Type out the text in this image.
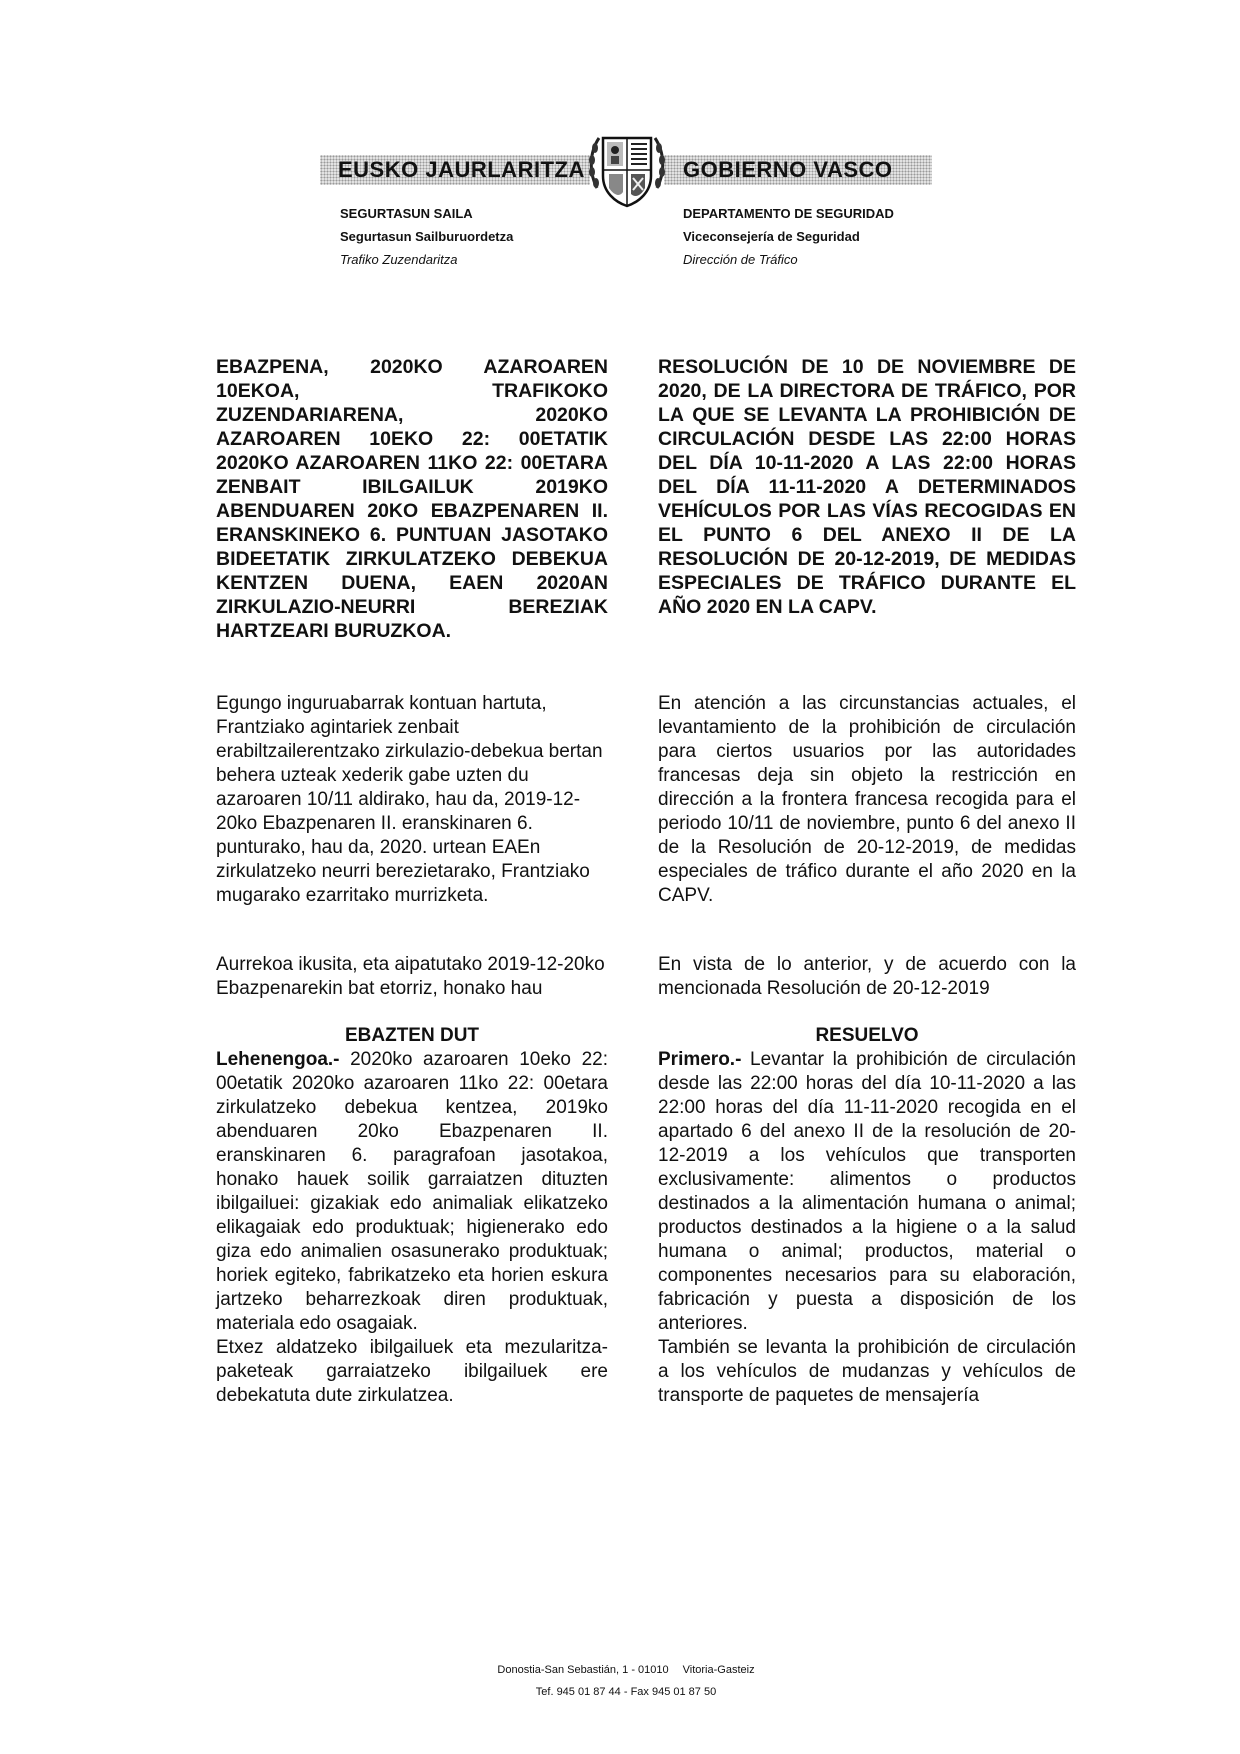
EUSKO JAURLARITZA	GOBIERNO VASCO
SEGURTASUN SAILA
Segurtasun Sailburuordetza
Trafiko Zuzendaritza
DEPARTAMENTO DE SEGURIDAD
Viceconsejería de Seguridad
Dirección de Tráfico

EBAZPENA, 2020KO AZAROAREN 10EKOA, TRAFIKOKO ZUZENDARIARENA, 2020KO AZAROAREN 10EKO 22: 00ETATIK 2020KO AZAROAREN 11KO 22: 00ETARA ZENBAIT IBILGAILUK 2019KO ABENDUAREN 20KO EBAZPENAREN II. ERANSKINEKO 6. PUNTUAN JASOTAKO BIDEETATIK ZIRKULATZEKO DEBEKUA KENTZEN DUENA, EAEN 2020AN ZIRKULAZIO-NEURRI BEREZIAK HARTZEARI BURUZKOA.

RESOLUCIÓN DE 10 DE NOVIEMBRE DE 2020, DE LA DIRECTORA DE TRÁFICO, POR LA QUE SE LEVANTA LA PROHIBICIÓN DE CIRCULACIÓN DESDE LAS 22:00 HORAS DEL DÍA 10-11-2020 A LAS 22:00 HORAS DEL DÍA 11-11-2020 A DETERMINADOS VEHÍCULOS POR LAS VÍAS RECOGIDAS EN EL PUNTO 6 DEL ANEXO II DE LA RESOLUCIÓN DE 20-12-2019, DE MEDIDAS ESPECIALES DE TRÁFICO DURANTE EL AÑO 2020 EN LA CAPV.

Egungo inguruabarrak kontuan hartuta, Frantziako agintariek zenbait erabiltzailerentzako zirkulazio-debekua bertan behera uzteak xederik gabe uzten du azaroaren 10/11 aldirako, hau da, 2019-12-20ko Ebazpenaren II. eranskinaren 6. punturako, hau da, 2020. urtean EAEn zirkulatzeko neurri berezietarako, Frantziako mugarako ezarritako murrizketa.

En atención a las circunstancias actuales, el levantamiento de la prohibición de circulación para ciertos usuarios por las autoridades francesas deja sin objeto la restricción en dirección a la frontera francesa recogida para el periodo 10/11 de noviembre, punto 6 del anexo II de la Resolución de 20-12-2019, de medidas especiales de tráfico durante el año 2020 en la CAPV.

Aurrekoa ikusita, eta aipatutako 2019-12-20ko Ebazpenarekin bat etorriz, honako hau

En vista de lo anterior, y de acuerdo con la mencionada Resolución de 20-12-2019

EBAZTEN DUT

Lehenengoa.- 2020ko azaroaren 10eko 22: 00etatik 2020ko azaroaren 11ko 22: 00etara zirkulatzeko debekua kentzea, 2019ko abenduaren 20ko Ebazpenaren II. eranskinaren 6. paragrafoan jasotakoa, honako hauek soilik garraiatzen dituzten ibilgailuei: gizakiak edo animaliak elikatzeko elikagaiak edo produktuak; higienerako edo giza edo animalien osasunerako produktuak; horiek egiteko, fabrikatzeko eta horien eskura jartzeko beharrezkoak diren produktuak, materiala edo osagaiak.

Etxez aldatzeko ibilgailuek eta mezularitza-paketeak garraiatzeko ibilgailuek ere debekatuta dute zirkulatzea.

RESUELVO

Primero.- Levantar la prohibición de circulación desde las 22:00 horas del día 10-11-2020 a las 22:00 horas del día 11-11-2020 recogida en el apartado 6 del anexo II de la resolución de 20-12-2019 a los vehículos que transporten exclusivamente: alimentos o productos destinados a la alimentación humana o animal; productos destinados a la higiene o a la salud humana o animal; productos, material o componentes necesarios para su elaboración, fabricación y puesta a disposición de los anteriores.

También se levanta la prohibición de circulación a los vehículos de mudanzas y vehículos de transporte de paquetes de mensajería

Donostia-San Sebastián, 1 - 01010 Vitoria-Gasteiz
Tef. 945 01 87 44 - Fax 945 01 87 50
